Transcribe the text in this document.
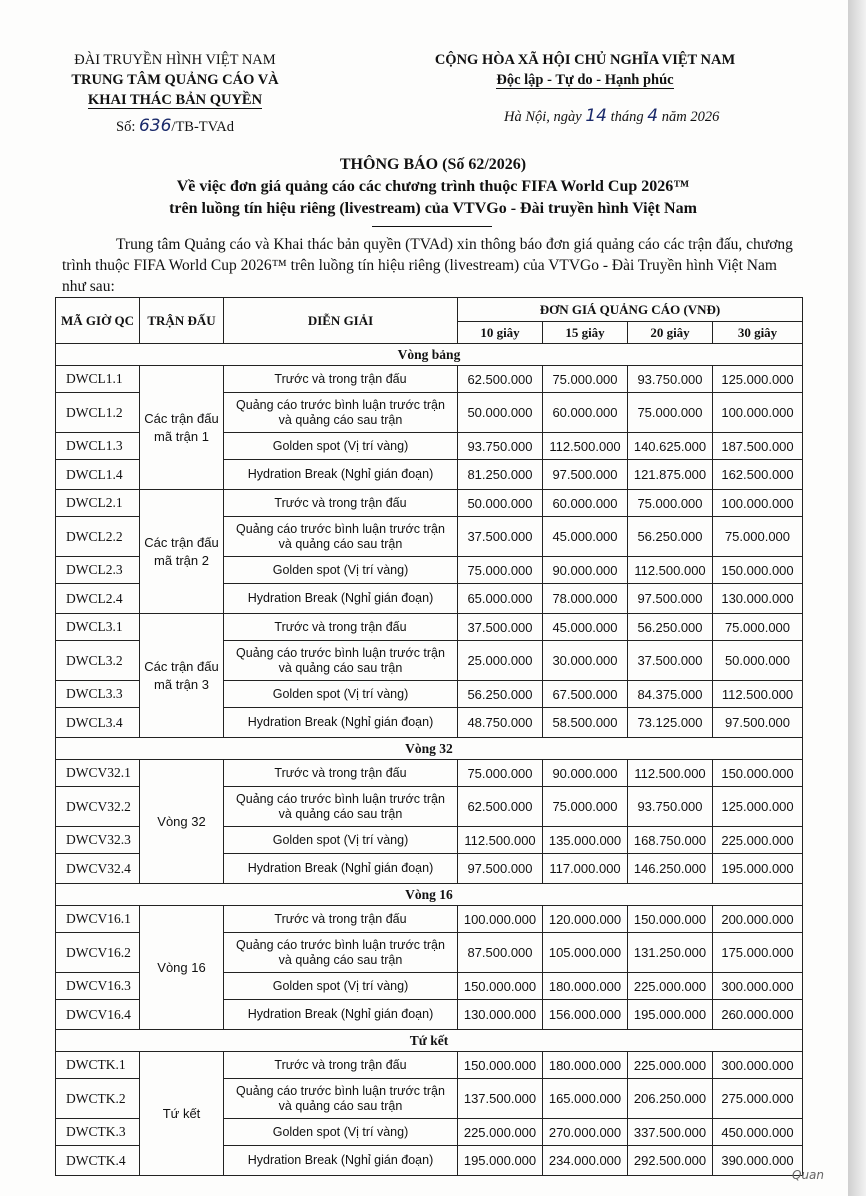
ĐÀI TRUYỀN HÌNH VIỆT NAM
TRUNG TÂM QUẢNG CÁO VÀ
KHAI THÁC BẢN QUYỀN
Số: 636/TB-TVAd
CỘNG HÒA XÃ HỘI CHỦ NGHĨA VIỆT NAM
Độc lập - Tự do - Hạnh phúc
Hà Nội, ngày 14 tháng 4 năm 2026
THÔNG BÁO (Số 62/2026)
Về việc đơn giá quảng cáo các chương trình thuộc FIFA World Cup 2026™
trên luồng tín hiệu riêng (livestream) của VTVGo - Đài truyền hình Việt Nam
Trung tâm Quảng cáo và Khai thác bản quyền (TVAd) xin thông báo đơn giá quảng cáo các trận đấu, chương trình thuộc FIFA World Cup 2026™ trên luồng tín hiệu riêng (livestream) của VTVGo - Đài Truyền hình Việt Nam như sau:
MÃ GIỜ QC	TRẬN ĐẤU	DIỄN GIẢI	ĐƠN GIÁ QUẢNG CÁO (VNĐ)			
			10 giây	15 giây	20 giây	30 giây
Vòng bảng						
DWCL1.1	Các trận đấu mã trận 1	Trước và trong trận đấu	62.500.000	75.000.000	93.750.000	125.000.000
DWCL1.2		Quảng cáo trước bình luận trước trận và quảng cáo sau trận	50.000.000	60.000.000	75.000.000	100.000.000
DWCL1.3		Golden spot (Vị trí vàng)	93.750.000	112.500.000	140.625.000	187.500.000
DWCL1.4		Hydration Break (Nghỉ gián đoạn)	81.250.000	97.500.000	121.875.000	162.500.000
DWCL2.1	Các trận đấu mã trận 2	Trước và trong trận đấu	50.000.000	60.000.000	75.000.000	100.000.000
DWCL2.2		Quảng cáo trước bình luận trước trận và quảng cáo sau trận	37.500.000	45.000.000	56.250.000	75.000.000
DWCL2.3		Golden spot (Vị trí vàng)	75.000.000	90.000.000	112.500.000	150.000.000
DWCL2.4		Hydration Break (Nghỉ gián đoạn)	65.000.000	78.000.000	97.500.000	130.000.000
DWCL3.1	Các trận đấu mã trận 3	Trước và trong trận đấu	37.500.000	45.000.000	56.250.000	75.000.000
DWCL3.2		Quảng cáo trước bình luận trước trận và quảng cáo sau trận	25.000.000	30.000.000	37.500.000	50.000.000
DWCL3.3		Golden spot (Vị trí vàng)	56.250.000	67.500.000	84.375.000	112.500.000
DWCL3.4		Hydration Break (Nghỉ gián đoạn)	48.750.000	58.500.000	73.125.000	97.500.000
Vòng 32						
DWCV32.1	Vòng 32	Trước và trong trận đấu	75.000.000	90.000.000	112.500.000	150.000.000
DWCV32.2		Quảng cáo trước bình luận trước trận và quảng cáo sau trận	62.500.000	75.000.000	93.750.000	125.000.000
DWCV32.3		Golden spot (Vị trí vàng)	112.500.000	135.000.000	168.750.000	225.000.000
DWCV32.4		Hydration Break (Nghỉ gián đoạn)	97.500.000	117.000.000	146.250.000	195.000.000
Vòng 16						
DWCV16.1	Vòng 16	Trước và trong trận đấu	100.000.000	120.000.000	150.000.000	200.000.000
DWCV16.2		Quảng cáo trước bình luận trước trận và quảng cáo sau trận	87.500.000	105.000.000	131.250.000	175.000.000
DWCV16.3		Golden spot (Vị trí vàng)	150.000.000	180.000.000	225.000.000	300.000.000
DWCV16.4		Hydration Break (Nghỉ gián đoạn)	130.000.000	156.000.000	195.000.000	260.000.000
Tứ kết						
DWCTK.1	Tứ kết	Trước và trong trận đấu	150.000.000	180.000.000	225.000.000	300.000.000
DWCTK.2		Quảng cáo trước bình luận trước trận và quảng cáo sau trận	137.500.000	165.000.000	206.250.000	275.000.000
DWCTK.3		Golden spot (Vị trí vàng)	225.000.000	270.000.000	337.500.000	450.000.000
DWCTK.4		Hydration Break (Nghỉ gián đoạn)	195.000.000	234.000.000	292.500.000	390.000.000
Quan
